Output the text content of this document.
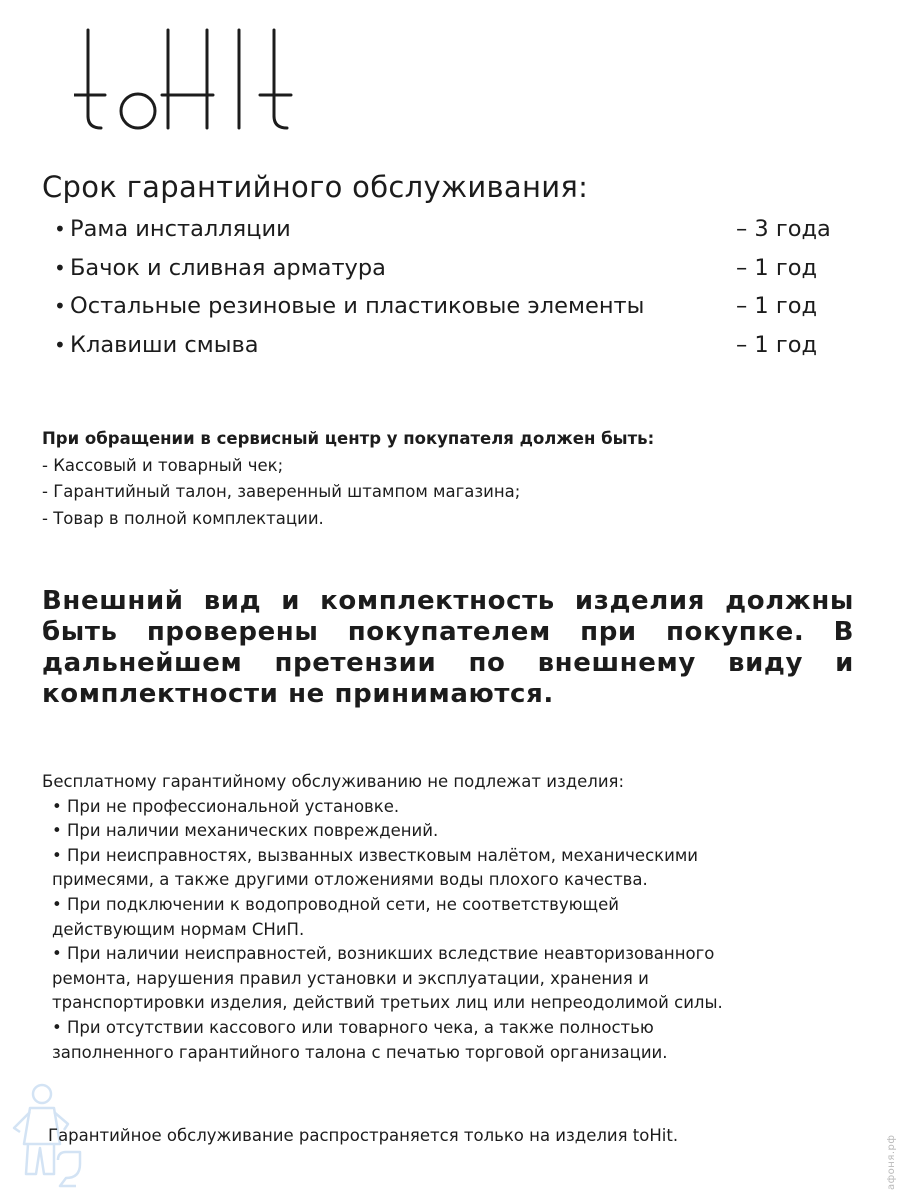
Срок гарантийного обслуживания:
• Рама инсталляции	– 3 года
• Бачок и сливная арматура	– 1 год
• Остальные резиновые и пластиковые элементы	– 1 год
• Клавиши смыва	– 1 год
При обращении в сервисный центр у покупателя должен быть:
- Кассовый и товарный чек;
- Гарантийный талон, заверенный штампом магазина;
- Товар в полной комплектации.

Внешний вид и комплектность изделия должны быть проверены покупателем при покупке. В дальнейшем претензии по внешнему виду и комплектности не принимаются.

Бесплатному гарантийному обслуживанию не подлежат изделия:
• При не профессиональной установке.
• При наличии механических повреждений.
• При неисправностях, вызванных известковым налётом, механическими
примесями, а также другими отложениями воды плохого качества.
• При подключении к водопроводной сети, не соответствующей
действующим нормам СНиП.
• При наличии неисправностей, возникших вследствие неавторизованного
ремонта, нарушения правил установки и эксплуатации, хранения и
транспортировки изделия, действий третьих лиц или непреодолимой силы.
• При отсутствии кассового или товарного чека, а также полностью
заполненного гарантийного талона с печатью торговой организации.
Гарантийное обслуживание распространяется только на изделия toHit.	афоня.рф
